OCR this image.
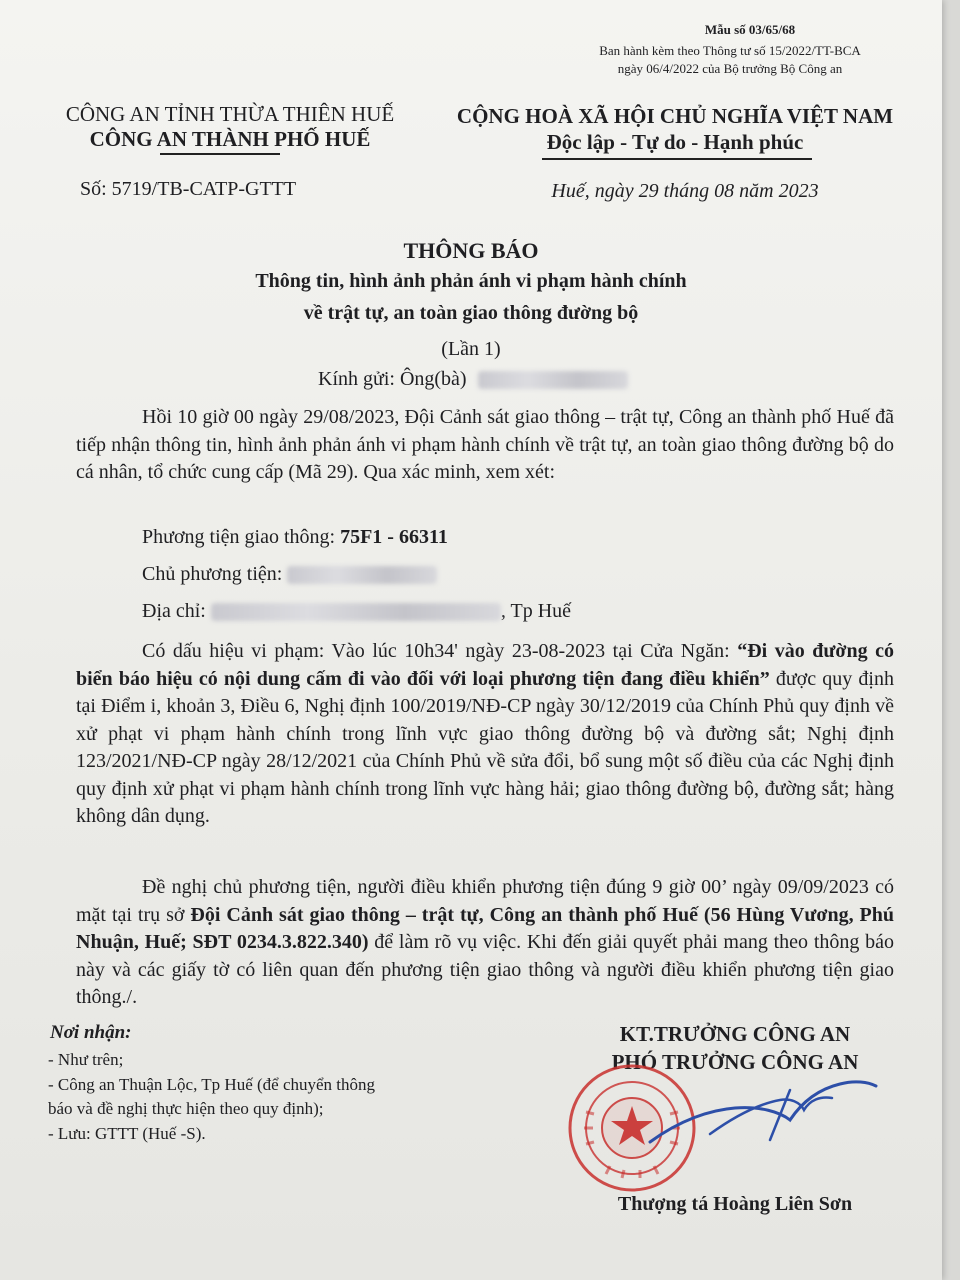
Mẫu số 03/65/68
Ban hành kèm theo Thông tư số 15/2022/TT-BCA
ngày 06/4/2022 của Bộ trưởng Bộ Công an
CÔNG AN TỈNH THỪA THIÊN HUẾ
CÔNG AN THÀNH PHỐ HUẾ
Số: 5719/TB-CATP-GTTT
CỘNG HOÀ XÃ HỘI CHỦ NGHĨA VIỆT NAM
Độc lập - Tự do - Hạnh phúc
Huế, ngày 29 tháng 08 năm 2023
THÔNG BÁO
Thông tin, hình ảnh phản ánh vi phạm hành chính
về trật tự, an toàn giao thông đường bộ
(Lần 1)
Kính gửi: Ông(bà)
Hồi 10 giờ 00 ngày 29/08/2023, Đội Cảnh sát giao thông – trật tự, Công an thành phố Huế đã tiếp nhận thông tin, hình ảnh phản ánh vi phạm hành chính về trật tự, an toàn giao thông đường bộ do cá nhân, tổ chức cung cấp (Mã 29). Qua xác minh, xem xét:
Phương tiện giao thông: 75F1 - 66311
Chủ phương tiện:
Địa chỉ:	, Tp Huế
Có dấu hiệu vi phạm: Vào lúc 10h34' ngày 23-08-2023 tại Cửa Ngăn: “Đi vào đường có biển báo hiệu có nội dung cấm đi vào đối với loại phương tiện đang điều khiển” được quy định tại Điểm i, khoản 3, Điều 6, Nghị định 100/2019/NĐ-CP ngày 30/12/2019 của Chính Phủ quy định về xử phạt vi phạm hành chính trong lĩnh vực giao thông đường bộ và đường sắt; Nghị định 123/2021/NĐ-CP ngày 28/12/2021 của Chính Phủ về sửa đổi, bổ sung một số điều của các Nghị định quy định xử phạt vi phạm hành chính trong lĩnh vực hàng hải; giao thông đường bộ, đường sắt; hàng không dân dụng.
Đề nghị chủ phương tiện, người điều khiển phương tiện đúng 9 giờ 00’ ngày 09/09/2023 có mặt tại trụ sở Đội Cảnh sát giao thông – trật tự, Công an thành phố Huế (56 Hùng Vương, Phú Nhuận, Huế; SĐT 0234.3.822.340) để làm rõ vụ việc. Khi đến giải quyết phải mang theo thông báo này và các giấy tờ có liên quan đến phương tiện giao thông và người điều khiển phương tiện giao thông./.
Nơi nhận:
- Như trên;
- Công an Thuận Lộc, Tp Huế (để chuyển thông
báo và đề nghị thực hiện theo quy định);
- Lưu: GTTT (Huế -S).
KT.TRƯỞNG CÔNG AN
PHÓ TRƯỞNG CÔNG AN
Thượng tá Hoàng Liên Sơn
